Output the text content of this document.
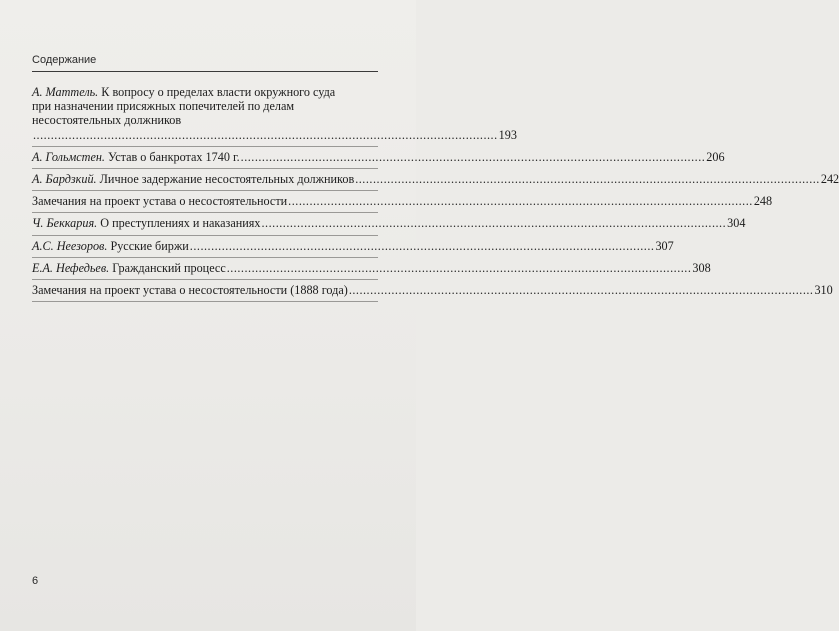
Содержание
А. Маттель. К вопросу о пределах власти окружного суда
при назначении присяжных попечителей по делам
несостоятельных должников
................................................................................................................................... 193
А. Гольмстен. Устав о банкротах 1740 г. ................................................................................................................................... 206
А. Бардзкий. Личное задержание несостоятельных должников ................................................................................................................................... 242
Замечания на проект устава о несостоятельности ................................................................................................................................... 248
Ч. Беккария. О преступлениях и наказаниях ................................................................................................................................... 304
А.С. Неезоров. Русские биржи ................................................................................................................................... 307
Е.А. Нефедьев. Гражданский процесс ................................................................................................................................... 308
Замечания на проект устава о несостоятельности (1888 года) ................................................................................................................................... 310
6
